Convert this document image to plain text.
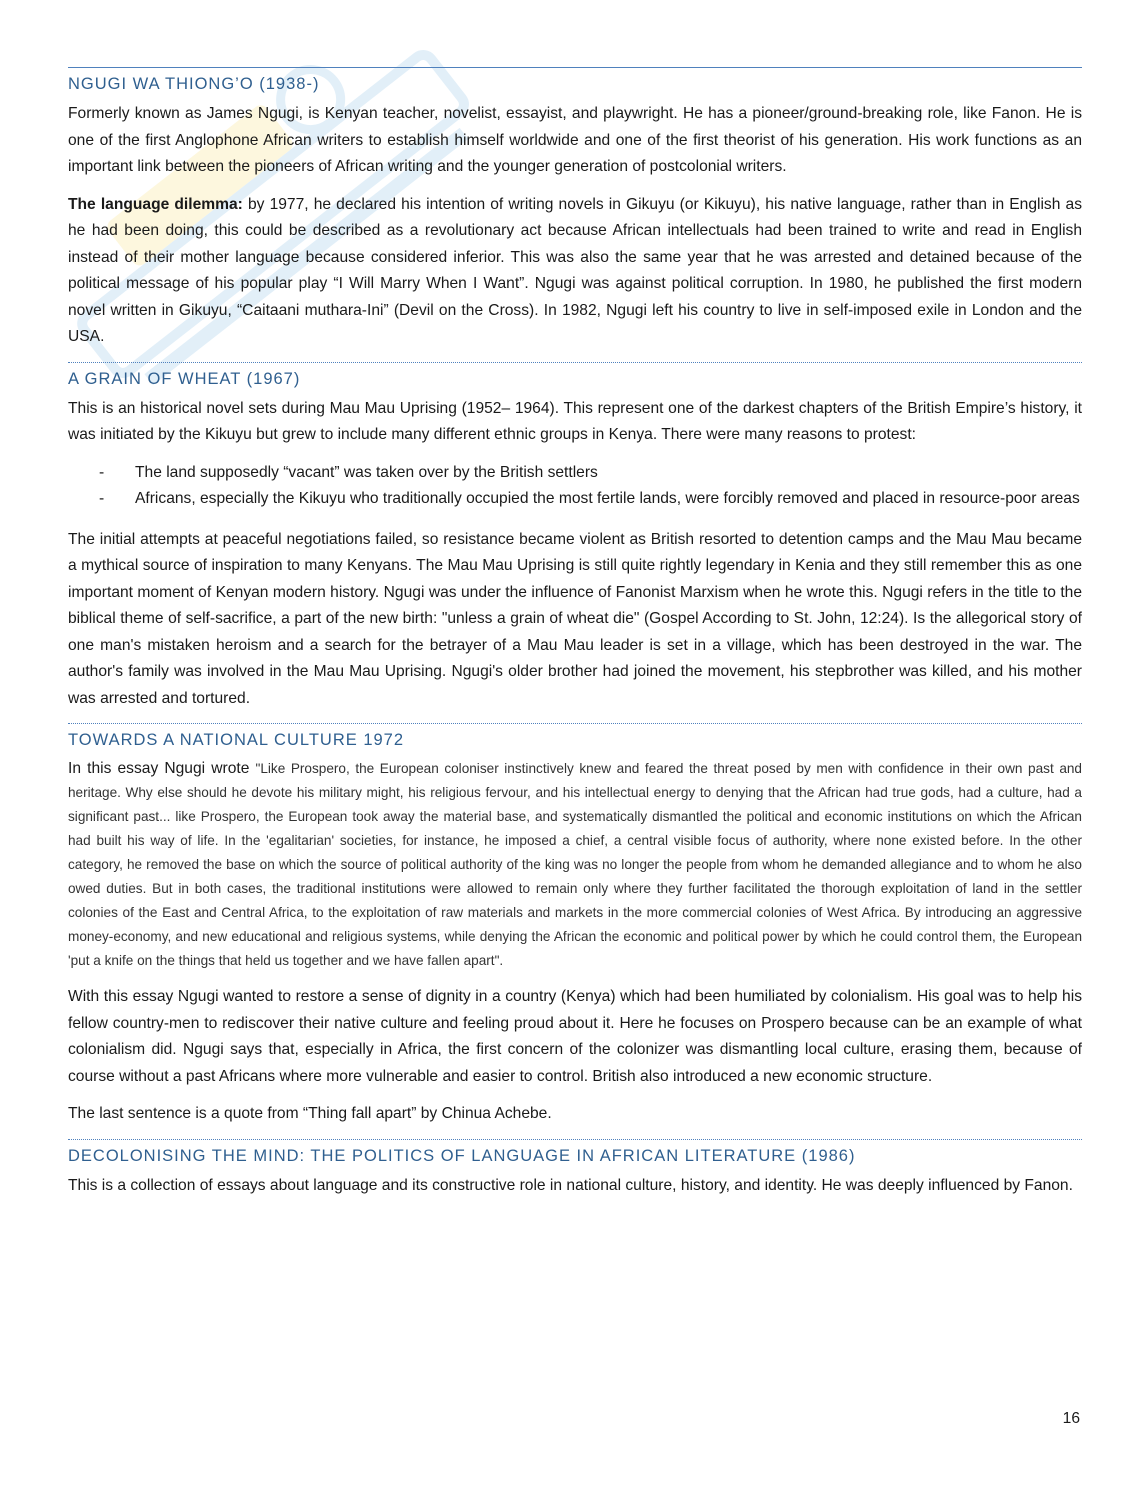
NGUGI WA THIONG’O (1938-)

Formerly known as James Ngugi, is Kenyan teacher, novelist, essayist, and playwright. He has a pioneer/ground-breaking role, like Fanon. He is one of the first Anglophone African writers to establish himself worldwide and one of the first theorist of his generation. His work functions as an important link between the pioneers of African writing and the younger generation of postcolonial writers.

The language dilemma: by 1977, he declared his intention of writing novels in Gikuyu (or Kikuyu), his native language, rather than in English as he had been doing, this could be described as a revolutionary act because African intellectuals had been trained to write and read in English instead of their mother language because considered inferior. This was also the same year that he was arrested and detained because of the political message of his popular play “I Will Marry When I Want”. Ngugi was against political corruption. In 1980, he published the first modern novel written in Gikuyu, “Caitaani muthara-Ini” (Devil on the Cross). In 1982, Ngugi left his country to live in self-imposed exile in London and the USA.

A GRAIN OF WHEAT (1967)

This is an historical novel sets during Mau Mau Uprising (1952– 1964). This represent one of the darkest chapters of the British Empire’s history, it was initiated by the Kikuyu but grew to include many different ethnic groups in Kenya. There were many reasons to protest:

- The land supposedly “vacant” was taken over by the British settlers
- Africans, especially the Kikuyu who traditionally occupied the most fertile lands, were forcibly removed and placed in resource-poor areas

The initial attempts at peaceful negotiations failed, so resistance became violent as British resorted to detention camps and the Mau Mau became a mythical source of inspiration to many Kenyans. The Mau Mau Uprising is still quite rightly legendary in Kenia and they still remember this as one important moment of Kenyan modern history. Ngugi was under the influence of Fanonist Marxism when he wrote this. Ngugi refers in the title to the biblical theme of self-sacrifice, a part of the new birth: "unless a grain of wheat die" (Gospel According to St. John, 12:24). Is the allegorical story of one man's mistaken heroism and a search for the betrayer of a Mau Mau leader is set in a village, which has been destroyed in the war. The author's family was involved in the Mau Mau Uprising. Ngugi's older brother had joined the movement, his stepbrother was killed, and his mother was arrested and tortured.

TOWARDS A NATIONAL CULTURE 1972

In this essay Ngugi wrote "Like Prospero, the European coloniser instinctively knew and feared the threat posed by men with confidence in their own past and heritage. Why else should he devote his military might, his religious fervour, and his intellectual energy to denying that the African had true gods, had a culture, had a significant past... like Prospero, the European took away the material base, and systematically dismantled the political and economic institutions on which the African had built his way of life. In the 'egalitarian' societies, for instance, he imposed a chief, a central visible focus of authority, where none existed before. In the other category, he removed the base on which the source of political authority of the king was no longer the people from whom he demanded allegiance and to whom he also owed duties. But in both cases, the traditional institutions were allowed to remain only where they further facilitated the thorough exploitation of land in the settler colonies of the East and Central Africa, to the exploitation of raw materials and markets in the more commercial colonies of West Africa. By introducing an aggressive money-economy, and new educational and religious systems, while denying the African the economic and political power by which he could control them, the European 'put a knife on the things that held us together and we have fallen apart".

With this essay Ngugi wanted to restore a sense of dignity in a country (Kenya) which had been humiliated by colonialism. His goal was to help his fellow country-men to rediscover their native culture and feeling proud about it. Here he focuses on Prospero because can be an example of what colonialism did. Ngugi says that, especially in Africa, the first concern of the colonizer was dismantling local culture, erasing them, because of course without a past Africans where more vulnerable and easier to control. British also introduced a new economic structure.

The last sentence is a quote from “Thing fall apart” by Chinua Achebe.

DECOLONISING THE MIND: THE POLITICS OF LANGUAGE IN AFRICAN LITERATURE (1986)

This is a collection of essays about language and its constructive role in national culture, history, and identity. He was deeply influenced by Fanon.

16
